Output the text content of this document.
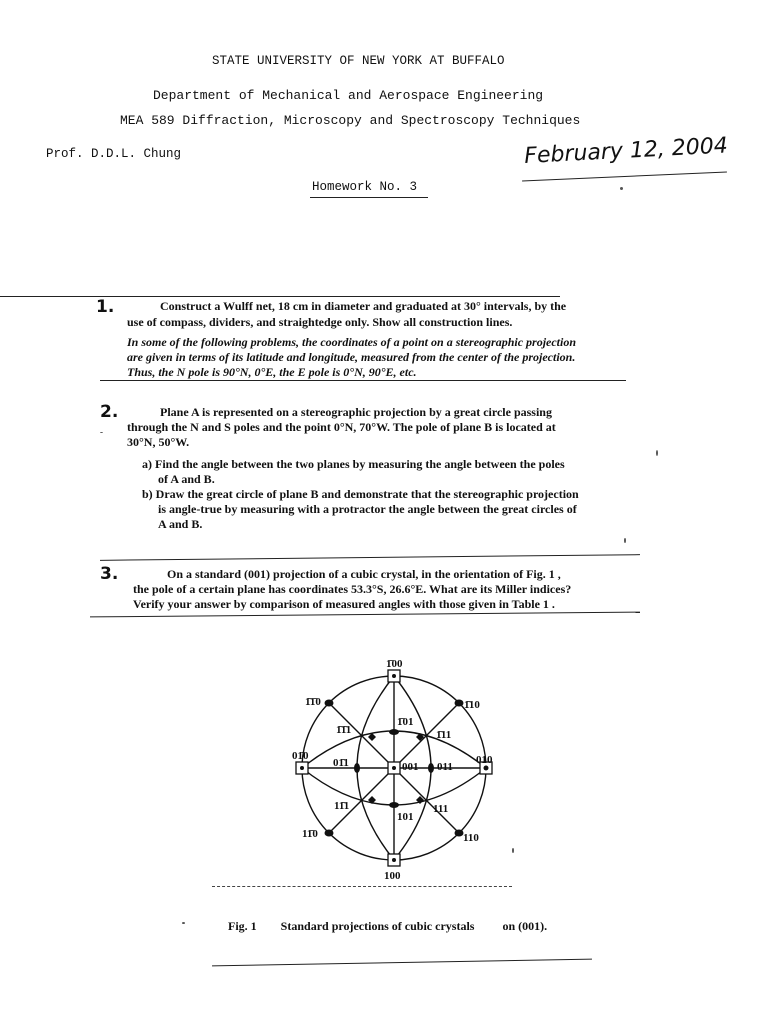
STATE UNIVERSITY OF NEW YORK AT BUFFALO
Department of Mechanical and Aerospace Engineering
MEA 589 Diffraction, Microscopy and Spectroscopy Techniques
Prof. D.D.L. Chung	February 12, 2004
Homework No. 3
1.	Construct a Wulff net, 18 cm in diameter and graduated at 30° intervals, by the
use of compass, dividers, and straightedge only. Show all construction lines.
In some of the following problems, the coordinates of a point on a stereographic projection
are given in terms of its latitude and longitude, measured from the center of the projection.
Thus, the N pole is 90°N, 0°E, the E pole is 0°N, 90°E, etc.
2.	Plane A is represented on a stereographic projection by a great circle passing
through the N and S poles and the point 0°N, 70°W. The pole of plane B is located at
30°N, 50°W.
a) Find the angle between the two planes by measuring the angle between the poles
of A and B.
b) Draw the great circle of plane B and demonstrate that the stereographic projection
is angle-true by measuring with a protractor the angle between the great circles of
A and B.
3.	On a standard (001) projection of a cubic crystal, in the orientation of Fig. 1 ,
the pole of a certain plane has coordinates 53.3°S, 26.6°E. What are its Miller indices?
Verify your answer by comparison of measured angles with those given in Table 1 .
1̄00
100
01̄0	010
001
1̄1̄0	1̄10
11̄0	110
1̄01
101
01̄1	011
1̄1̄1	1̄11
11̄1	111
Fig. 1 Standard projections of cubic crystals on (001).
